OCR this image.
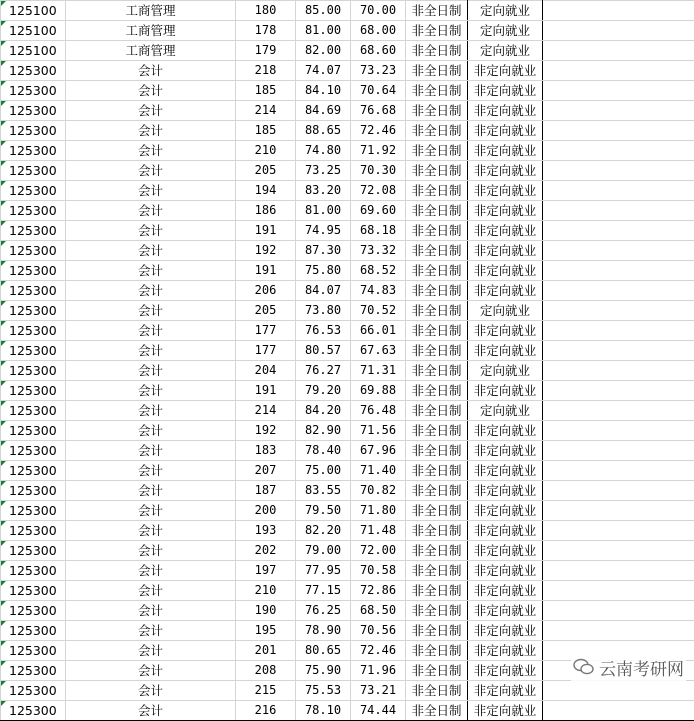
125100	工商管理	180	85.00	70.00	非全日制	定向就业	
125100	工商管理	178	81.00	68.00	非全日制	定向就业	
125100	工商管理	179	82.00	68.60	非全日制	定向就业	
125300	会计	218	74.07	73.23	非全日制	非定向就业	
125300	会计	185	84.10	70.64	非全日制	非定向就业	
125300	会计	214	84.69	76.68	非全日制	非定向就业	
125300	会计	185	88.65	72.46	非全日制	非定向就业	
125300	会计	210	74.80	71.92	非全日制	非定向就业	
125300	会计	205	73.25	70.30	非全日制	非定向就业	
125300	会计	194	83.20	72.08	非全日制	非定向就业	
125300	会计	186	81.00	69.60	非全日制	非定向就业	
125300	会计	191	74.95	68.18	非全日制	非定向就业	
125300	会计	192	87.30	73.32	非全日制	非定向就业	
125300	会计	191	75.80	68.52	非全日制	非定向就业	
125300	会计	206	84.07	74.83	非全日制	非定向就业	
125300	会计	205	73.80	70.52	非全日制	定向就业	
125300	会计	177	76.53	66.01	非全日制	非定向就业	
125300	会计	177	80.57	67.63	非全日制	非定向就业	
125300	会计	204	76.27	71.31	非全日制	定向就业	
125300	会计	191	79.20	69.88	非全日制	非定向就业	
125300	会计	214	84.20	76.48	非全日制	定向就业	
125300	会计	192	82.90	71.56	非全日制	非定向就业	
125300	会计	183	78.40	67.96	非全日制	非定向就业	
125300	会计	207	75.00	71.40	非全日制	非定向就业	
125300	会计	187	83.55	70.82	非全日制	非定向就业	
125300	会计	200	79.50	71.80	非全日制	非定向就业	
125300	会计	193	82.20	71.48	非全日制	非定向就业	
125300	会计	202	79.00	72.00	非全日制	非定向就业	
125300	会计	197	77.95	70.58	非全日制	非定向就业	
125300	会计	210	77.15	72.86	非全日制	非定向就业	
125300	会计	190	76.25	68.50	非全日制	非定向就业	
125300	会计	195	78.90	70.56	非全日制	非定向就业	
125300	会计	201	80.65	72.46	非全日制	非定向就业	
125300	会计	208	75.90	71.96	非全日制	非定向就业	
125300	会计	215	75.53	73.21	非全日制	非定向就业	
125300	会计	216	78.10	74.44	非全日制	非定向就业	
云南考研网
